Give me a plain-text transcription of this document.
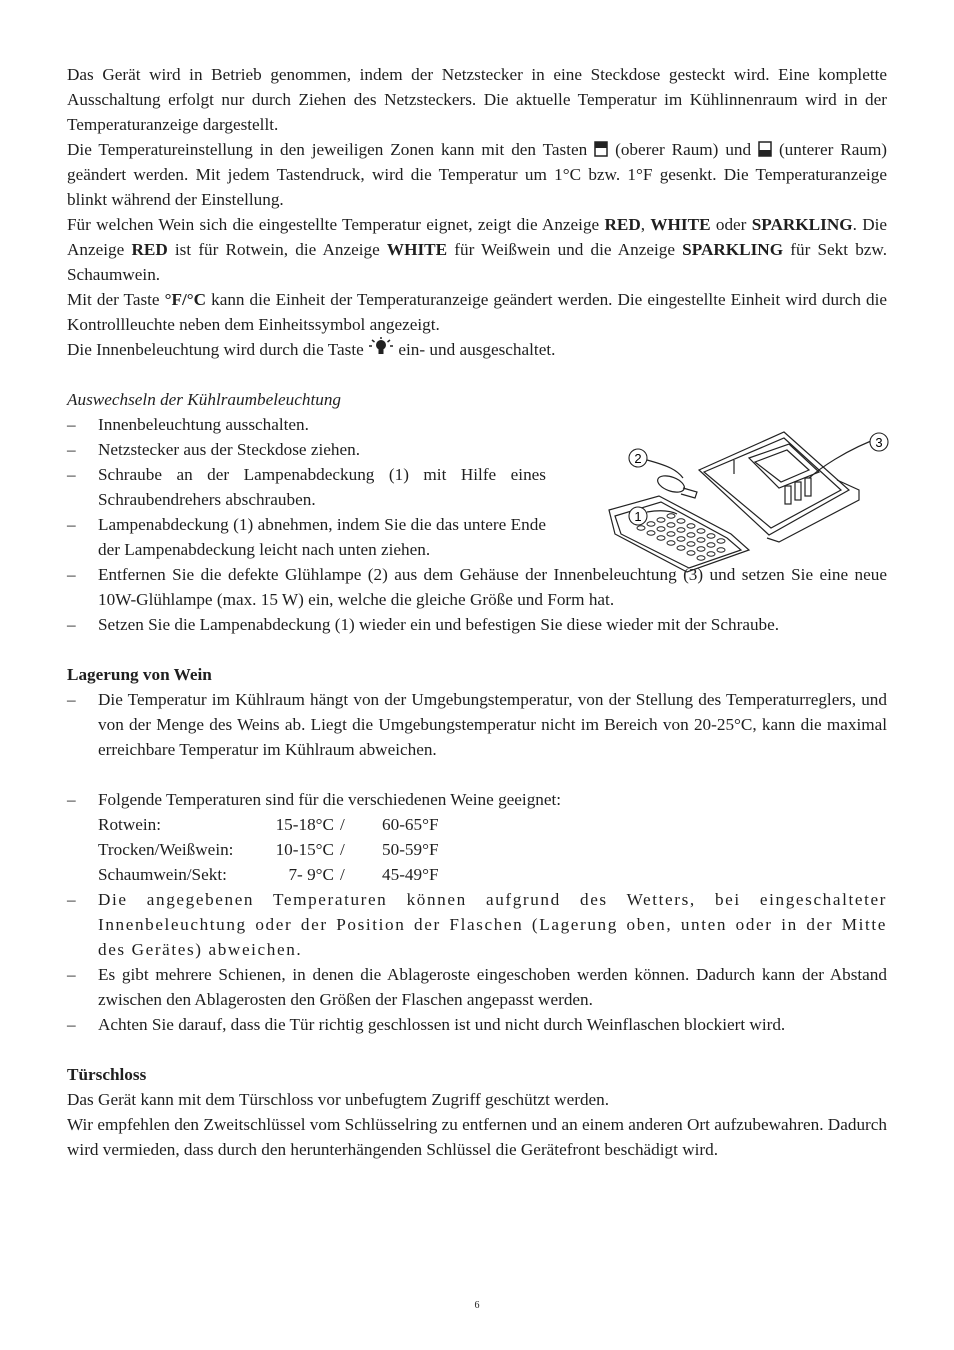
Das Gerät wird in Betrieb genommen, indem der Netzstecker in eine Steckdose gesteckt wird. Eine komplette Ausschaltung erfolgt nur durch Ziehen des Netzsteckers. Die aktuelle Temperatur im Kühlinnenraum wird in der Temperaturanzeige dargestellt.

Die Temperatureinstellung in den jeweiligen Zonen kann mit den Tasten (oberer Raum) und (unterer Raum) geändert werden. Mit jedem Tastendruck, wird die Temperatur um 1°C bzw. 1°F gesenkt. Die Temperaturanzeige blinkt während der Einstellung.

Für welchen Wein sich die eingestellte Temperatur eignet, zeigt die Anzeige RED, WHITE oder SPARKLING. Die Anzeige RED ist für Rotwein, die Anzeige WHITE für Weißwein und die Anzeige SPARKLING für Sekt bzw. Schaumwein.

Mit der Taste °F/°C kann die Einheit der Temperaturanzeige geändert werden. Die eingestellte Einheit wird durch die Kontrollleuchte neben dem Einheitssymbol angezeigt.

Die Innenbeleuchtung wird durch die Taste ein- und ausgeschaltet.

Auswechseln der Kühlraumbeleuchtung

– Innenbeleuchtung ausschalten.
– Netzstecker aus der Steckdose ziehen.
– Schraube an der Lampenabdeckung (1) mit Hilfe eines Schraubendrehers abschrauben.
– Lampenabdeckung (1) abnehmen, indem Sie die das untere Ende der Lampenabdeckung leicht nach unten ziehen.
– Entfernen Sie die defekte Glühlampe (2) aus dem Gehäuse der Innenbeleuchtung (3) und setzen Sie eine neue 10W-Glühlampe (max. 15 W) ein, welche die gleiche Größe und Form hat.
– Setzen Sie die Lampenabdeckung (1) wieder ein und befestigen Sie diese wieder mit der Schraube.

Lagerung von Wein

– Die Temperatur im Kühlraum hängt von der Umgebungstemperatur, von der Stellung des Temperaturreglers, und von der Menge des Weins ab. Liegt die Umgebungstemperatur nicht im Bereich von 20-25°C, kann die maximal erreichbare Temperatur im Kühlraum abweichen.
– Folgende Temperaturen sind für die verschiedenen Weine geeignet:
Rotwein:	15-18°C /	60-65°F
Trocken/Weißwein:	10-15°C /	50-59°F
Schaumwein/Sekt:	7- 9°C /	45-49°F
– Die angegebenen Temperaturen können aufgrund des Wetters, bei eingeschalteter Innenbeleuchtung oder der Position der Flaschen (Lagerung oben, unten oder in der Mitte des Gerätes) abweichen.
– Es gibt mehrere Schienen, in denen die Ablageroste eingeschoben werden können. Dadurch kann der Abstand zwischen den Ablagerosten den Größen der Flaschen angepasst werden.
– Achten Sie darauf, dass die Tür richtig geschlossen ist und nicht durch Weinflaschen blockiert wird.

Türschloss

Das Gerät kann mit dem Türschloss vor unbefugtem Zugriff geschützt werden.

Wir empfehlen den Zweitschlüssel vom Schlüsselring zu entfernen und an einem anderen Ort aufzubewahren. Dadurch wird vermieden, dass durch den herunterhängenden Schlüssel die Gerätefront beschädigt wird.

1
2
3
6
